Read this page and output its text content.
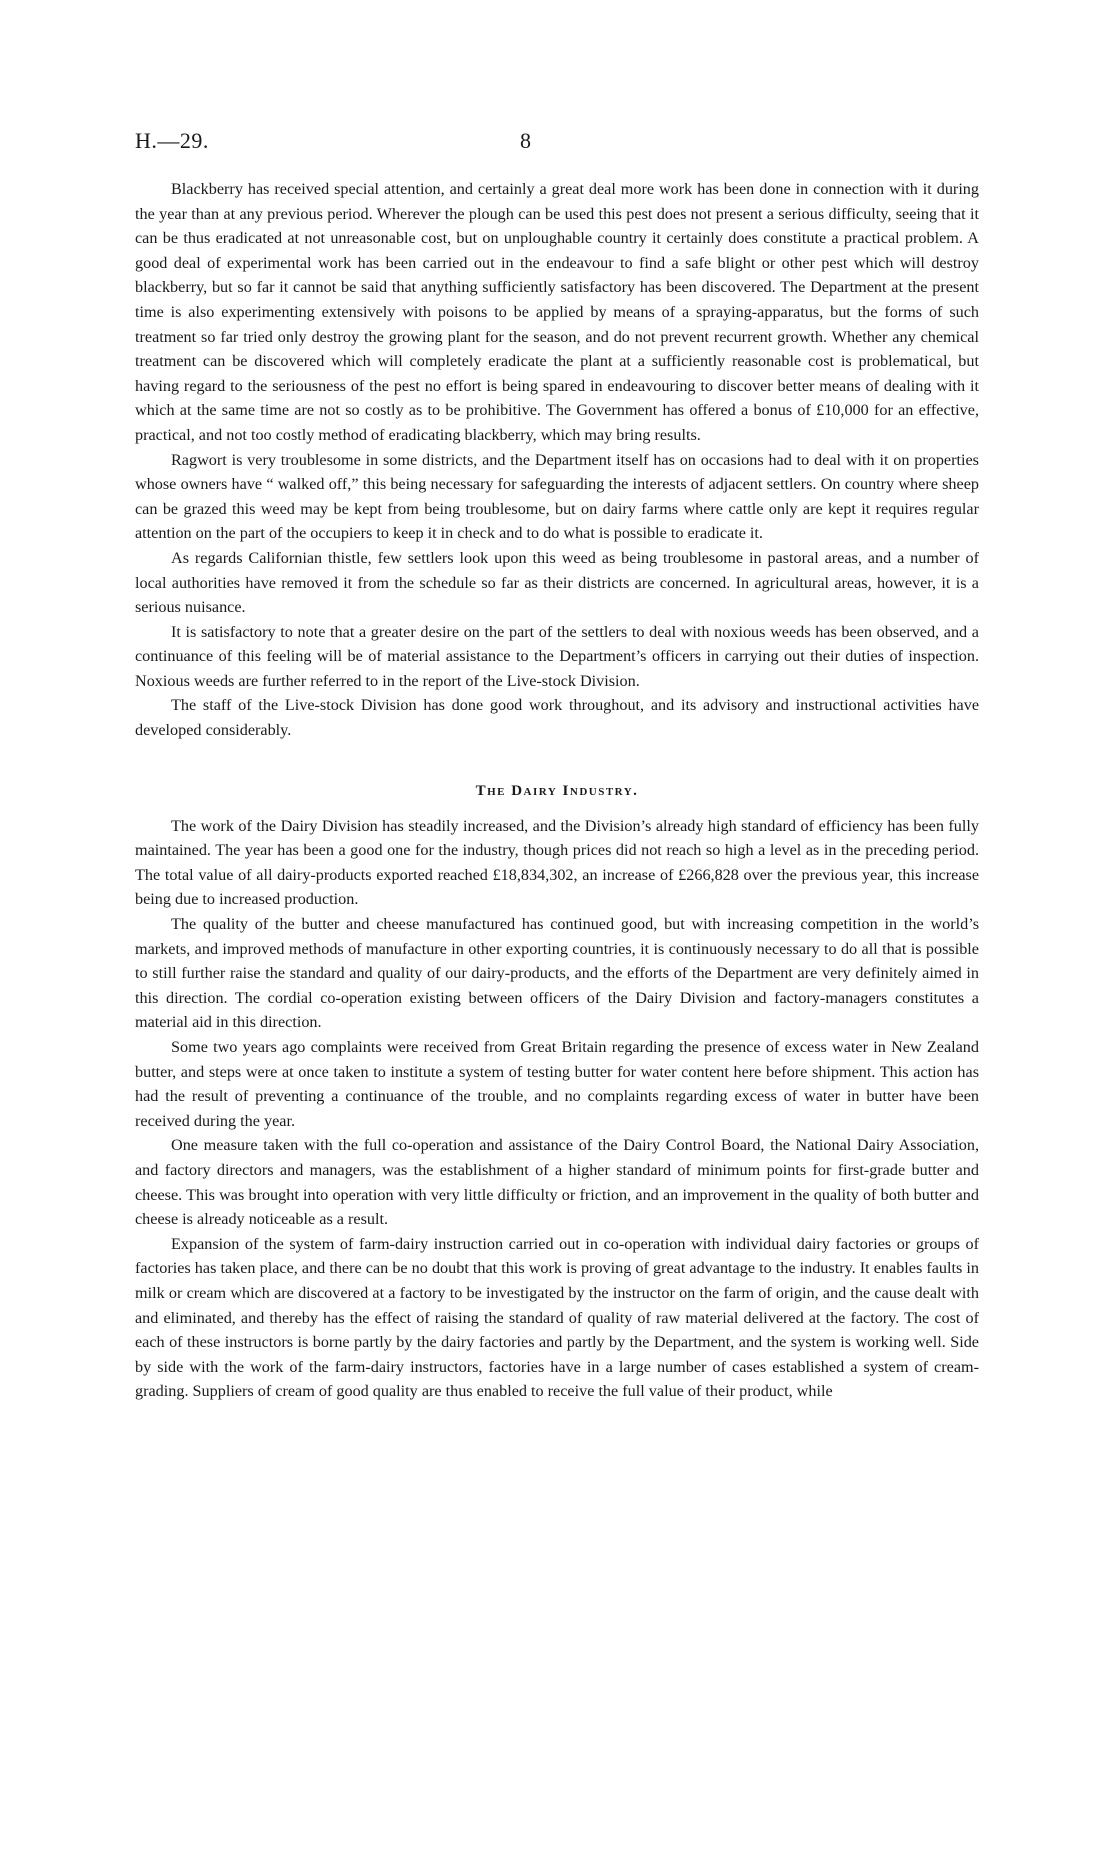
H.—29.	8

Blackberry has received special attention, and certainly a great deal more work has been done in connection with it during the year than at any previous period. Wherever the plough can be used this pest does not present a serious difficulty, seeing that it can be thus eradicated at not unreasonable cost, but on unploughable country it certainly does constitute a practical problem. A good deal of experimental work has been carried out in the endeavour to find a safe blight or other pest which will destroy blackberry, but so far it cannot be said that anything sufficiently satisfactory has been discovered. The Department at the present time is also experimenting extensively with poisons to be applied by means of a spraying-apparatus, but the forms of such treatment so far tried only destroy the growing plant for the season, and do not prevent recurrent growth. Whether any chemical treatment can be discovered which will completely eradicate the plant at a sufficiently reasonable cost is problematical, but having regard to the seriousness of the pest no effort is being spared in endeavouring to discover better means of dealing with it which at the same time are not so costly as to be prohibitive. The Government has offered a bonus of £10,000 for an effective, practical, and not too costly method of eradicating blackberry, which may bring results.

Ragwort is very troublesome in some districts, and the Department itself has on occasions had to deal with it on properties whose owners have “ walked off,” this being necessary for safeguarding the interests of adjacent settlers. On country where sheep can be grazed this weed may be kept from being troublesome, but on dairy farms where cattle only are kept it requires regular attention on the part of the occupiers to keep it in check and to do what is possible to eradicate it.

As regards Californian thistle, few settlers look upon this weed as being troublesome in pastoral areas, and a number of local authorities have removed it from the schedule so far as their districts are concerned. In agricultural areas, however, it is a serious nuisance.

It is satisfactory to note that a greater desire on the part of the settlers to deal with noxious weeds has been observed, and a continuance of this feeling will be of material assistance to the Department’s officers in carrying out their duties of inspection. Noxious weeds are further referred to in the report of the Live-stock Division.

The staff of the Live-stock Division has done good work throughout, and its advisory and instructional activities have developed considerably.

The Dairy Industry.

The work of the Dairy Division has steadily increased, and the Division’s already high standard of efficiency has been fully maintained. The year has been a good one for the industry, though prices did not reach so high a level as in the preceding period. The total value of all dairy-products exported reached £18,834,302, an increase of £266,828 over the previous year, this increase being due to increased production.

The quality of the butter and cheese manufactured has continued good, but with increasing competition in the world’s markets, and improved methods of manufacture in other exporting countries, it is continuously necessary to do all that is possible to still further raise the standard and quality of our dairy-products, and the efforts of the Department are very definitely aimed in this direction. The cordial co-operation existing between officers of the Dairy Division and factory-managers constitutes a material aid in this direction.

Some two years ago complaints were received from Great Britain regarding the presence of excess water in New Zealand butter, and steps were at once taken to institute a system of testing butter for water content here before shipment. This action has had the result of preventing a continuance of the trouble, and no complaints regarding excess of water in butter have been received during the year.

One measure taken with the full co-operation and assistance of the Dairy Control Board, the National Dairy Association, and factory directors and managers, was the establishment of a higher standard of minimum points for first-grade butter and cheese. This was brought into operation with very little difficulty or friction, and an improvement in the quality of both butter and cheese is already noticeable as a result.

Expansion of the system of farm-dairy instruction carried out in co-operation with individual dairy factories or groups of factories has taken place, and there can be no doubt that this work is proving of great advantage to the industry. It enables faults in milk or cream which are discovered at a factory to be investigated by the instructor on the farm of origin, and the cause dealt with and eliminated, and thereby has the effect of raising the standard of quality of raw material delivered at the factory. The cost of each of these instructors is borne partly by the dairy factories and partly by the Department, and the system is working well. Side by side with the work of the farm-dairy instructors, factories have in a large number of cases established a system of cream-grading. Suppliers of cream of good quality are thus enabled to receive the full value of their product, while
